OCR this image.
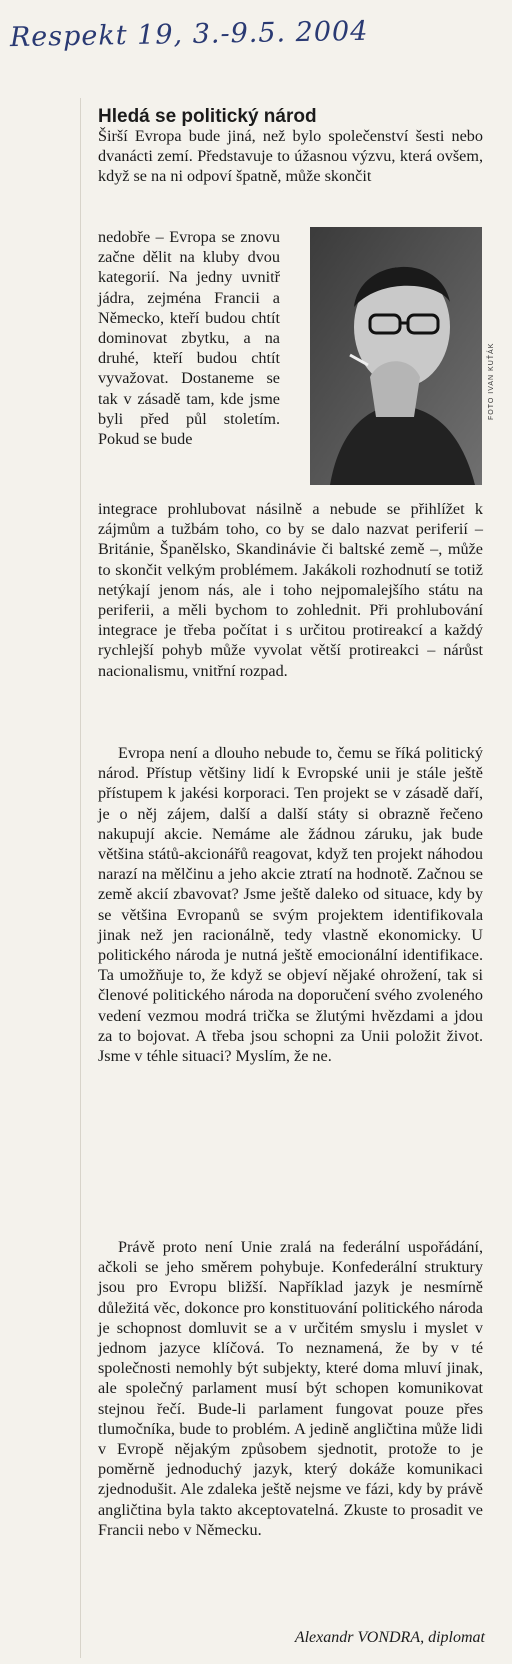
Respekt 19, 3.-9.5. 2004
Hledá se politický národ

Širší Evropa bude jiná, než bylo společenství šesti nebo dvanácti zemí. Představuje to úžasnou výzvu, která ovšem, když se na ni odpoví špatně, může skončit

nedobře – Evropa se znovu začne dělit na kluby dvou kategorií. Na jedny uvnitř jádra, zejména Francii a Německo, kteří budou chtít dominovat zbytku, a na druhé, kteří budou chtít vyvažovat. Dostaneme se tak v zásadě tam, kde jsme byli před půl stoletím. Pokud se bude

FOTO IVAN KUŤÁK

integrace prohlubovat násilně a nebude se přihlížet k zájmům a tužbám toho, co by se dalo nazvat periferií – Británie, Španělsko, Skandinávie či baltské země –, může to skončit velkým problémem. Jakákoli rozhodnutí se totiž netýkají jenom nás, ale i toho nejpomalejšího státu na periferii, a měli bychom to zohlednit. Při prohlubování integrace je třeba počítat i s určitou protireakcí a každý rychlejší pohyb může vyvolat větší protireakci – nárůst nacionalismu, vnitřní rozpad.

Evropa není a dlouho nebude to, čemu se říká politický národ. Přístup většiny lidí k Evropské unii je stále ještě přístupem k jakési korporaci. Ten projekt se v zásadě daří, je o něj zájem, další a další státy si obrazně řečeno nakupují akcie. Nemáme ale žádnou záruku, jak bude většina států-akcionářů reagovat, když ten projekt náhodou narazí na mělčinu a jeho akcie ztratí na hodnotě. Začnou se země akcií zbavovat? Jsme ještě daleko od situace, kdy by se většina Evropanů se svým projektem identifikovala jinak než jen racionálně, tedy vlastně ekonomicky. U politického národa je nutná ještě emocionální identifikace. Ta umožňuje to, že když se objeví nějaké ohrožení, tak si členové politického národa na doporučení svého zvoleného vedení vezmou modrá trička se žlutými hvězdami a jdou za to bojovat. A třeba jsou schopni za Unii položit život. Jsme v téhle situaci? Myslím, že ne.

Právě proto není Unie zralá na federální uspořádání, ačkoli se jeho směrem pohybuje. Konfederální struktury jsou pro Evropu bližší. Například jazyk je nesmírně důležitá věc, dokonce pro konstituování politického národa je schopnost domluvit se a v určitém smyslu i myslet v jednom jazyce klíčová. To neznamená, že by v té společnosti nemohly být subjekty, které doma mluví jinak, ale společný parlament musí být schopen komunikovat stejnou řečí. Bude-li parlament fungovat pouze přes tlumočníka, bude to problém. A jedině angličtina může lidi v Evropě nějakým způsobem sjednotit, protože to je poměrně jednoduchý jazyk, který dokáže komunikaci zjednodušit. Ale zdaleka ještě nejsme ve fázi, kdy by právě angličtina byla takto akceptovatelná. Zkuste to prosadit ve Francii nebo v Německu.

Alexandr VONDRA, diplomat
